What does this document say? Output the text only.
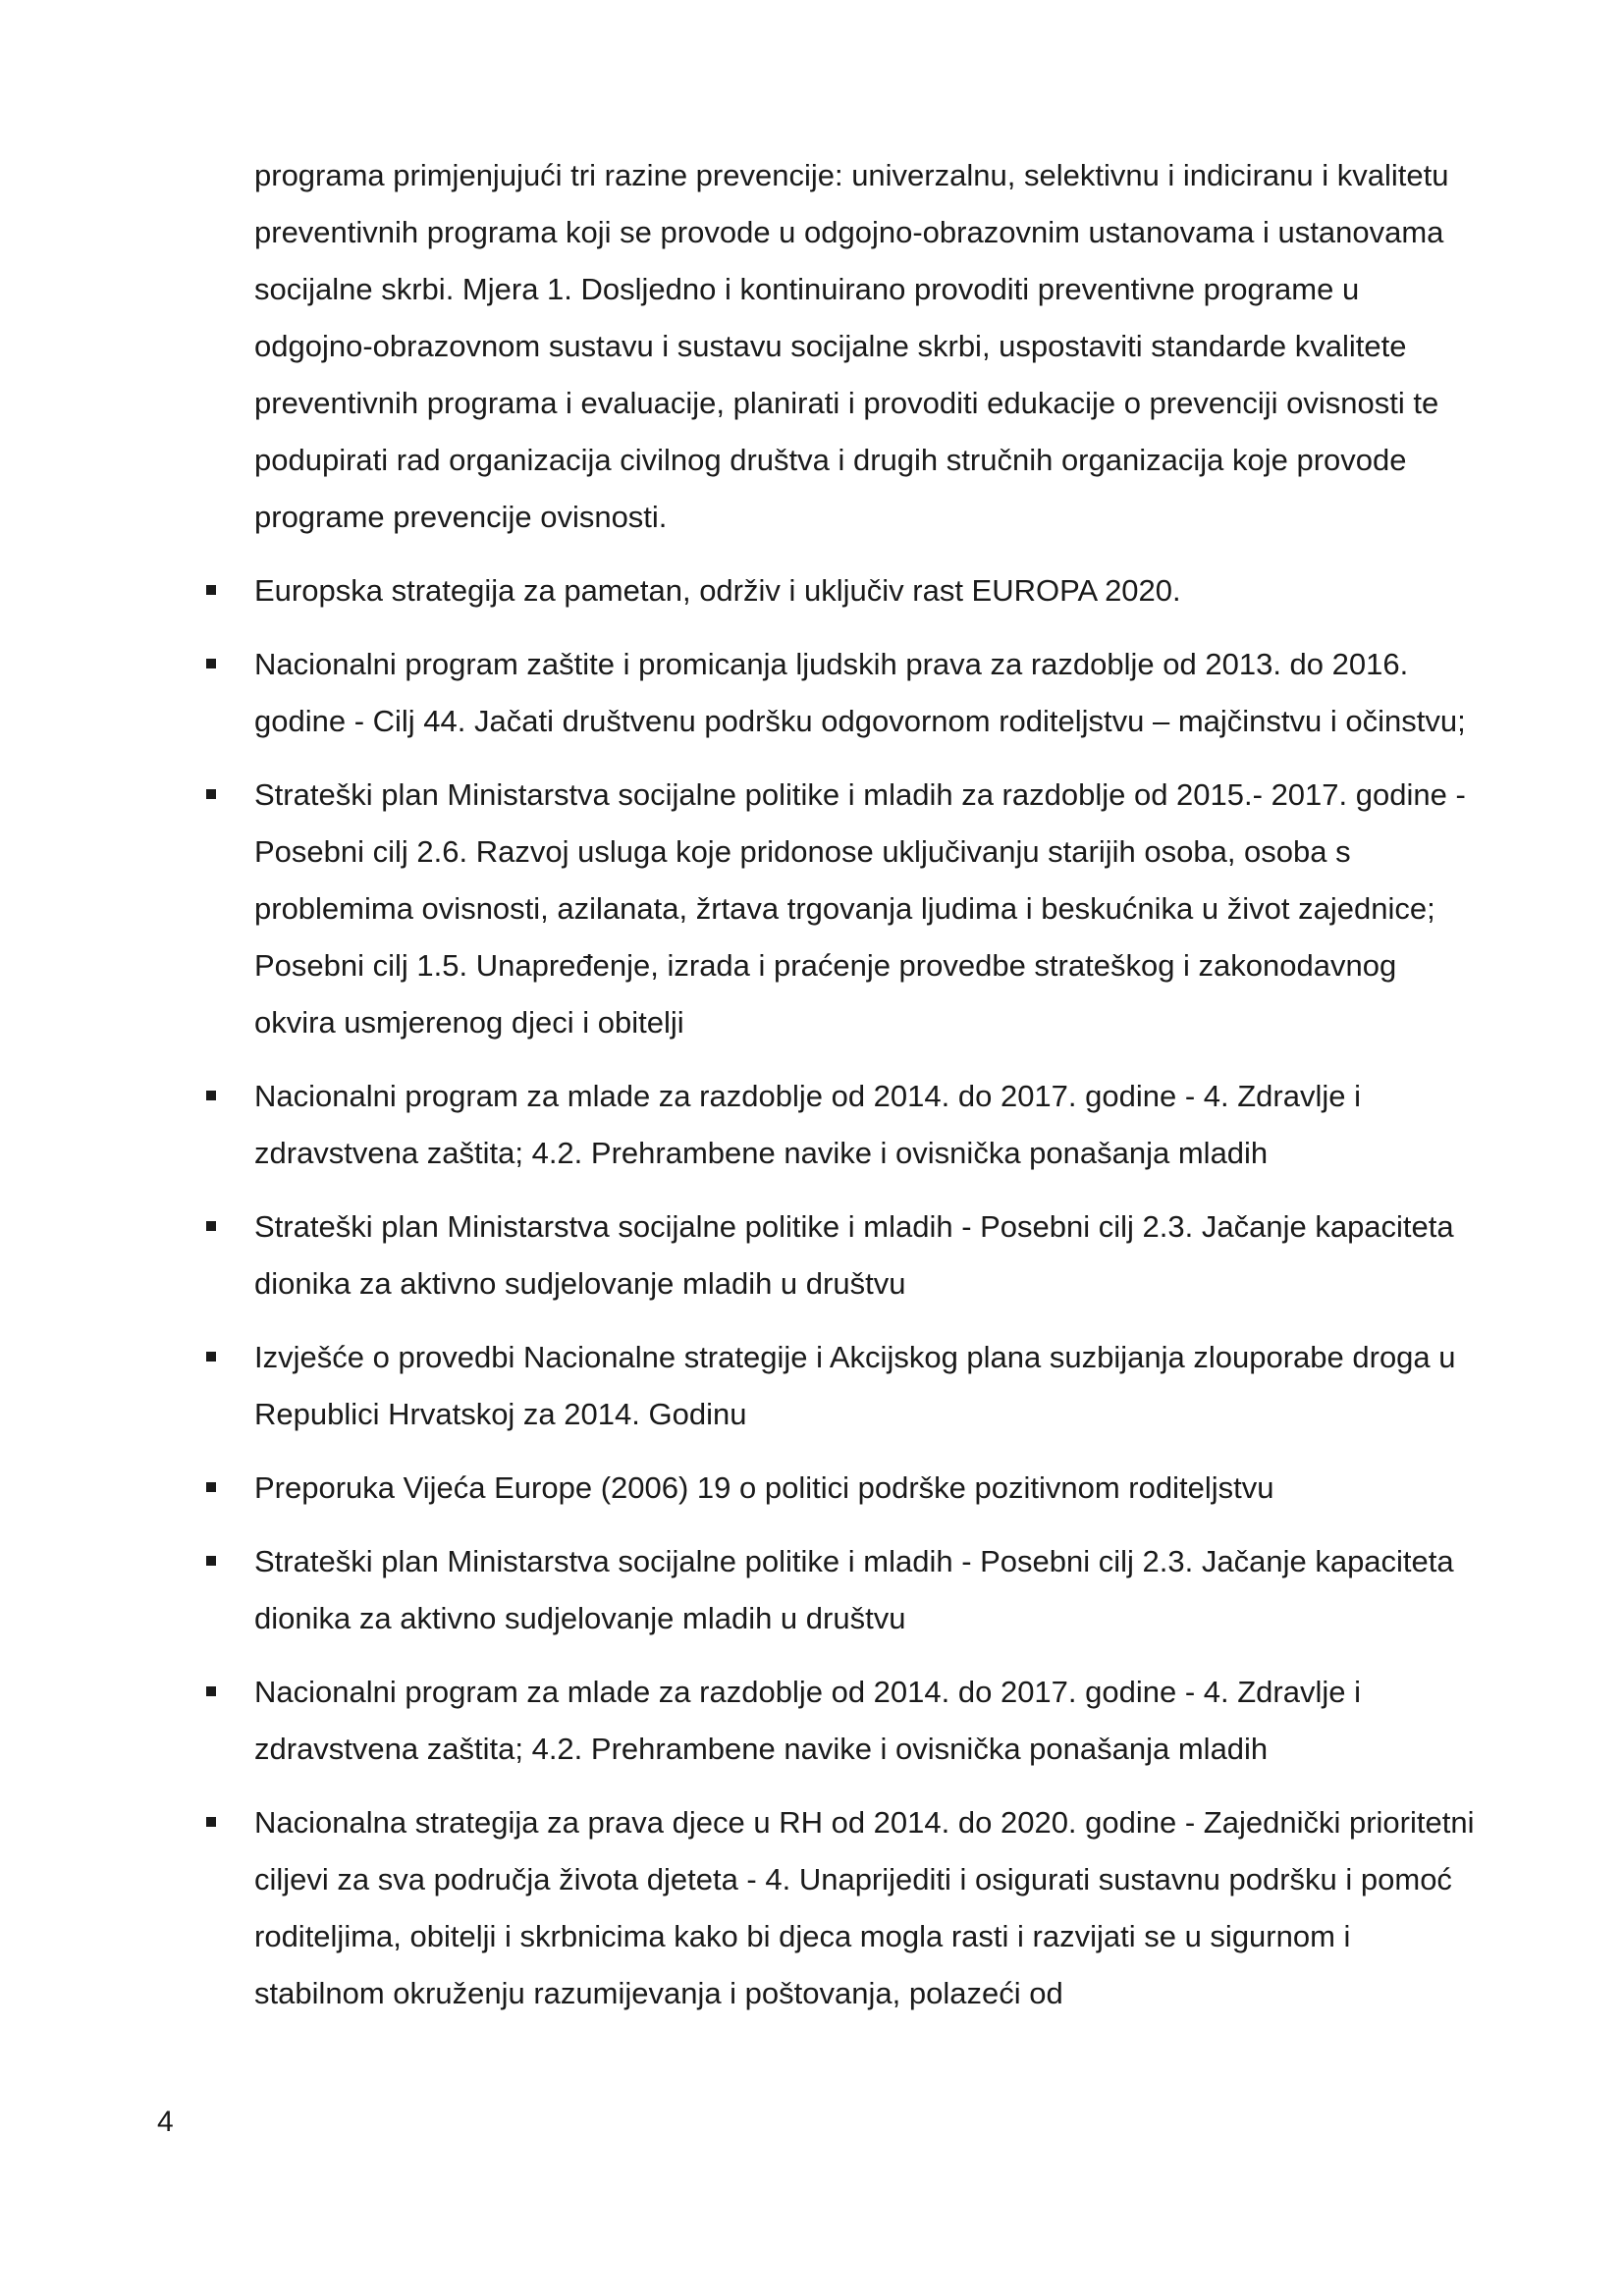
programa primjenjujući tri razine prevencije: univerzalnu, selektivnu i indiciranu i kvalitetu preventivnih programa koji se provode u odgojno-obrazovnim ustanovama i ustanovama socijalne skrbi. Mjera 1. Dosljedno i kontinuirano provoditi preventivne programe u odgojno-obrazovnom sustavu i sustavu socijalne skrbi, uspostaviti standarde kvalitete preventivnih programa i evaluacije, planirati i provoditi edukacije o prevenciji ovisnosti te podupirati rad organizacija civilnog društva i drugih stručnih organizacija koje provode programe prevencije ovisnosti.

Europska strategija za pametan, održiv i uključiv rast EUROPA 2020.
Nacionalni program zaštite i promicanja ljudskih prava za razdoblje od 2013. do 2016. godine - Cilj 44. Jačati društvenu podršku odgovornom roditeljstvu – majčinstvu i očinstvu;
Strateški plan Ministarstva socijalne politike i mladih za razdoblje od 2015.- 2017. godine - Posebni cilj 2.6. Razvoj usluga koje pridonose uključivanju starijih osoba, osoba s problemima ovisnosti, azilanata, žrtava trgovanja ljudima i beskućnika u život zajednice; Posebni cilj 1.5. Unapređenje, izrada i praćenje provedbe strateškog i zakonodavnog okvira usmjerenog djeci i obitelji
Nacionalni program za mlade za razdoblje od 2014. do 2017. godine - 4. Zdravlje i zdravstvena zaštita; 4.2. Prehrambene navike i ovisnička ponašanja mladih
Strateški plan Ministarstva socijalne politike i mladih - Posebni cilj 2.3. Jačanje kapaciteta dionika za aktivno sudjelovanje mladih u društvu
Izvješće o provedbi Nacionalne strategije i Akcijskog plana suzbijanja zlouporabe droga u Republici Hrvatskoj za 2014. Godinu
Preporuka Vijeća Europe (2006) 19 o politici podrške pozitivnom roditeljstvu
Strateški plan Ministarstva socijalne politike i mladih - Posebni cilj 2.3. Jačanje kapaciteta dionika za aktivno sudjelovanje mladih u društvu
Nacionalni program za mlade za razdoblje od 2014. do 2017. godine - 4. Zdravlje i zdravstvena zaštita; 4.2. Prehrambene navike i ovisnička ponašanja mladih
Nacionalna strategija za prava djece u RH od 2014. do 2020. godine - Zajednički prioritetni ciljevi za sva područja života djeteta - 4. Unaprijediti i osigurati sustavnu podršku i pomoć roditeljima, obitelji i skrbnicima kako bi djeca mogla rasti i razvijati se u sigurnom i stabilnom okruženju razumijevanja i poštovanja, polazeći od
4
